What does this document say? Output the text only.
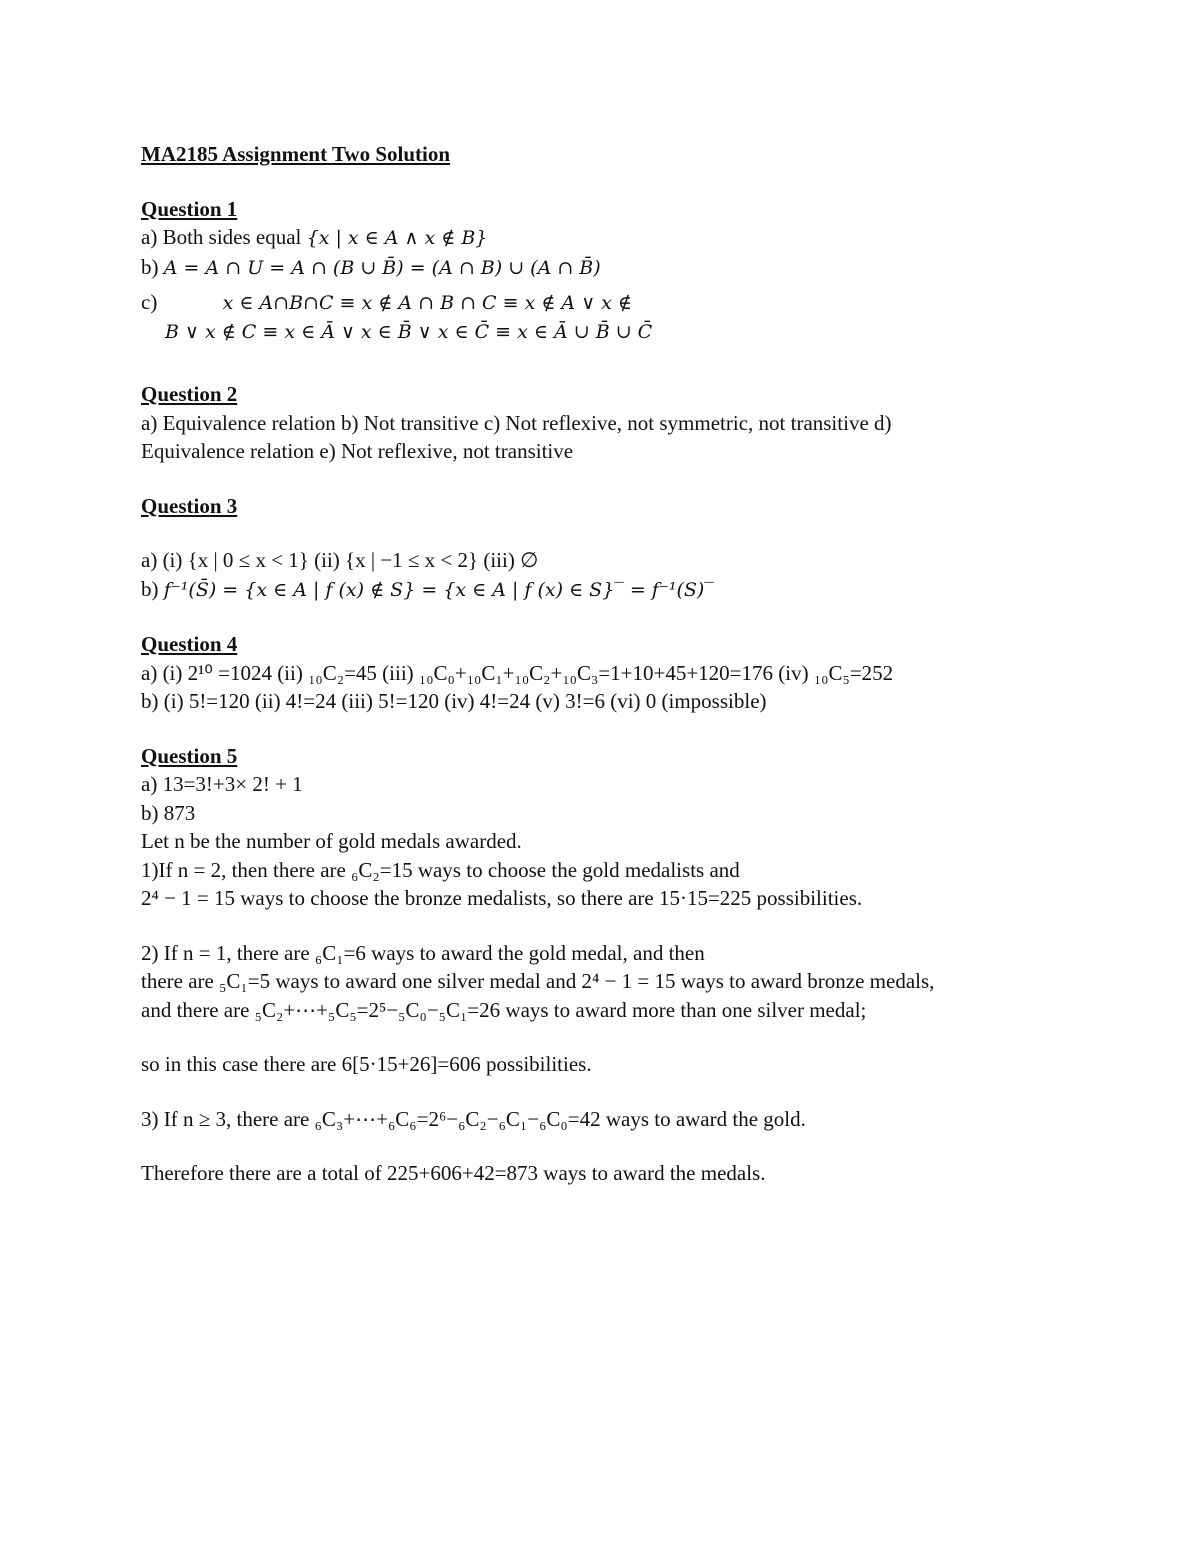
MA2185 Assignment Two Solution
Question 1
a) Both sides equal {x | x ∈ A ∧ x ∉ B}
b) A = A ∩ U = A ∩ (B ∪ B̄) = (A ∩ B) ∪ (A ∩ B̄)
c)	x ∈ A∩B∩C ≡ x ∉ A ∩ B ∩ C ≡ x ∉ A ∨ x ∉
B ∨ x ∉ C ≡ x ∈ Ā ∨ x ∈ B̄ ∨ x ∈ C̄ ≡ x ∈ Ā ∪ B̄ ∪ C̄
Question 2
a) Equivalence relation b) Not transitive c) Not reflexive, not symmetric, not transitive d)
Equivalence relation e) Not reflexive, not transitive
Question 3
a) (i) {x | 0 ≤ x < 1} (ii) {x | −1 ≤ x < 2} (iii) ∅
b) f⁻¹(S̄) = {x ∈ A | f (x) ∉ S} = {x ∈ A | f (x) ∈ S}‾ = f⁻¹(S)‾
Question 4
a) (i) 2¹⁰ =1024 (ii) ₁₀C₂=45 (iii) ₁₀C₀+₁₀C₁+₁₀C₂+₁₀C₃=1+10+45+120=176 (iv) ₁₀C₅=252
b) (i) 5!=120 (ii) 4!=24 (iii) 5!=120 (iv) 4!=24 (v) 3!=6 (vi) 0 (impossible)
Question 5
a) 13=3!+3× 2! + 1
b) 873
Let n be the number of gold medals awarded.
1)If n = 2, then there are ₆C₂=15 ways to choose the gold medalists and
2⁴ − 1 = 15 ways to choose the bronze medalists, so there are 15·15=225 possibilities.
2) If n = 1, there are ₆C₁=6 ways to award the gold medal, and then
there are ₅C₁=5 ways to award one silver medal and 2⁴ − 1 = 15 ways to award bronze medals,
and there are ₅C₂+⋯+₅C₅=2⁵−₅C₀−₅C₁=26 ways to award more than one silver medal;
so in this case there are 6[5·15+26]=606 possibilities.
3) If n ≥ 3, there are ₆C₃+⋯+₆C₆=2⁶−₆C₂−₆C₁−₆C₀=42 ways to award the gold.
Therefore there are a total of 225+606+42=873 ways to award the medals.
